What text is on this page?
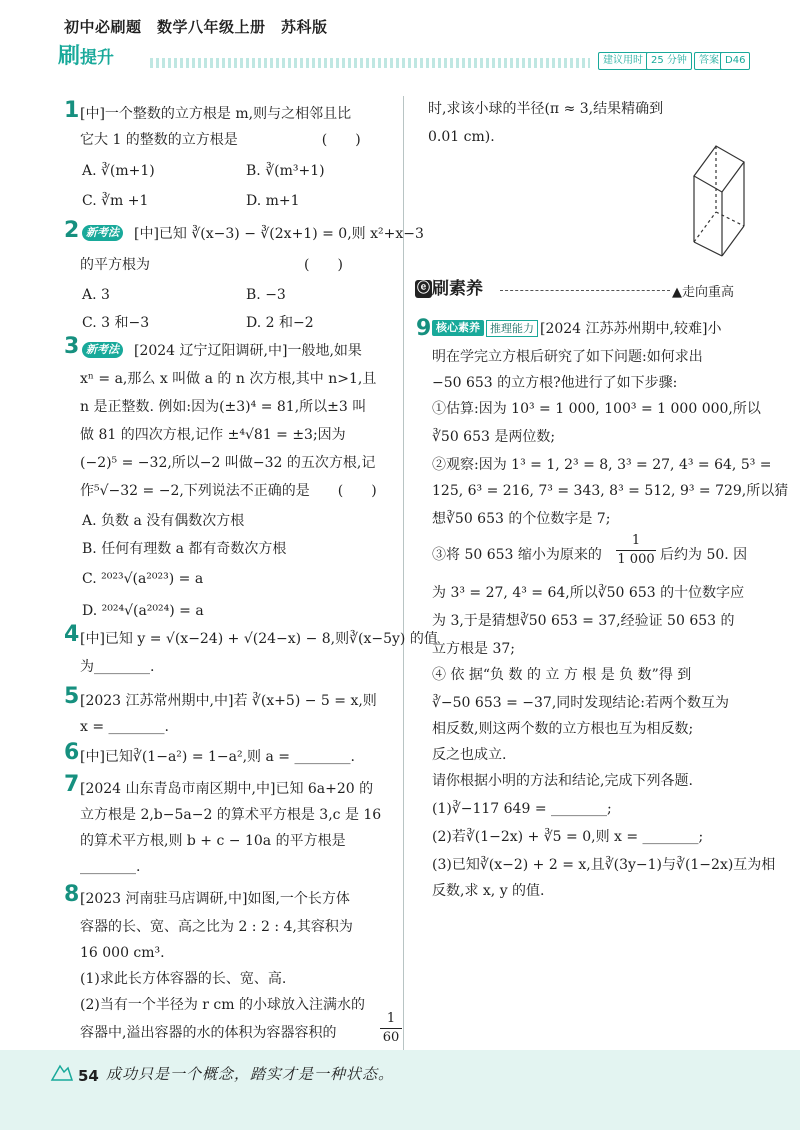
初中必刷题　数学八年级上册　苏科版
刷提升	建议用时 25 分钟	答案 D46
1 [中]一个整数的立方根是 m,则与之相邻且比
它大 1 的整数的立方根是　　　　　　(　　)
A. ∛(m+1)	B. ∛(m³+1)
C. ∛m +1	D. m+1
2 新考法 [中]已知 ∛(x−3) − ∛(2x+1) = 0,则 x²+x−3
的平方根为　　　　　　　　　　　(　　)
A. 3	B. −3
C. 3 和−3	D. 2 和−2
3 新考法 [2024 辽宁辽阳调研,中]一般地,如果
xⁿ = a,那么 x 叫做 a 的 n 次方根,其中 n>1,且
n 是正整数. 例如:因为(±3)⁴ = 81,所以±3 叫
做 81 的四次方根,记作 ±⁴√81 = ±3;因为
(−2)⁵ = −32,所以−2 叫做−32 的五次方根,记
作⁵√−32 = −2,下列说法不正确的是　　(　　)
A. 负数 a 没有偶数次方根
B. 任何有理数 a 都有奇数次方根
C. ²⁰²³√(a²⁰²³) = a
D. ²⁰²⁴√(a²⁰²⁴) = a
4 [中]已知 y = √(x−24) + √(24−x) − 8,则∛(x−5y) 的值
为________.
5 [2023 江苏常州期中,中]若 ∛(x+5) − 5 = x,则
x = ________.
6 [中]已知∛(1−a²) = 1−a²,则 a = ________.
7 [2024 山东青岛市南区期中,中]已知 6a+20 的
立方根是 2,b−5a−2 的算术平方根是 3,c 是 16
的算术平方根,则 b + c − 10a 的平方根是
________.
8 [2023 河南驻马店调研,中]如图,一个长方体
容器的长、宽、高之比为 2 : 2 : 4,其容积为
16 000 cm³.
(1)求此长方体容器的长、宽、高.
(2)当有一个半径为 r cm 的小球放入注满水的
容器中,溢出容器的水的体积为容器容积的	$\frac{1}{60}$
时,求该小球的半径(π ≈ 3,结果精确到
0.01 cm).
ⓔ 刷素养	▲走向重高
9 核心素养 推理能力 [2024 江苏苏州期中,较难]小
明在学完立方根后研究了如下问题:如何求出
−50 653 的立方根?他进行了如下步骤:
①估算:因为 10³ = 1 000, 100³ = 1 000 000,所以
∛50 653 是两位数;
②观察:因为 1³ = 1, 2³ = 8, 3³ = 27, 4³ = 64, 5³ =
125, 6³ = 216, 7³ = 343, 8³ = 512, 9³ = 729,所以猜
想∛50 653 的个位数字是 7;
③将 50 653 缩小为原来的 $\frac{1}{1 000}$ 后约为 50. 因
为 3³ = 27, 4³ = 64,所以∛50 653 的十位数字应
为 3,于是猜想∛50 653 = 37,经验证 50 653 的
立方根是 37;
④ 依 据“负 数 的 立 方 根 是 负 数”得 到
∛−50 653 = −37,同时发现结论:若两个数互为
相反数,则这两个数的立方根也互为相反数;
反之也成立.
请你根据小明的方法和结论,完成下列各题.
(1)∛−117 649 = ________;
(2)若∛(1−2x) + ∛5 = 0,则 x = ________;
(3)已知∛(x−2) + 2 = x,且∛(3y−1)与∛(1−2x)互为相
反数,求 x, y 的值.
54 成功只是一个概念，踏实才是一种状态。
